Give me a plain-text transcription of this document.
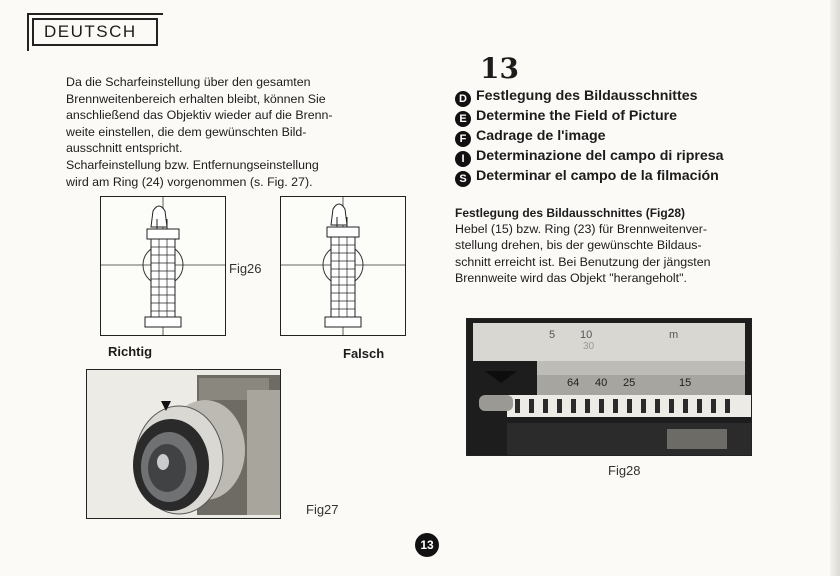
DEUTSCH
Da die Scharfeinstellung über den gesamten
Brennweitenbereich erhalten bleibt, können Sie
anschließend das Objektiv wieder auf die Brenn-
weite einstellen, die dem gewünschten Bild-
ausschnitt entspricht.
Scharfeinstellung bzw. Entfernungseinstellung
wird am Ring (24) vorgenommen (s. Fig. 27).
Fig26
Richtig	Falsch
Fig27
13
D Festlegung des Bildausschnittes
E Determine the Field of Picture
F Cadrage de l'image
I Determinazione del campo di ripresa
S Determinar el campo de la filmación
Festlegung des Bildausschnittes (Fig28)
Hebel (15) bzw. Ring (23) für Brennweitenver-
stellung drehen, bis der gewünschte Bildaus-
schnitt erreicht ist. Bei Benutzung der jängsten
Brennweite wird das Objekt "herangeholt".
5 10
30
m
64 40 25	15
Fig28
13
